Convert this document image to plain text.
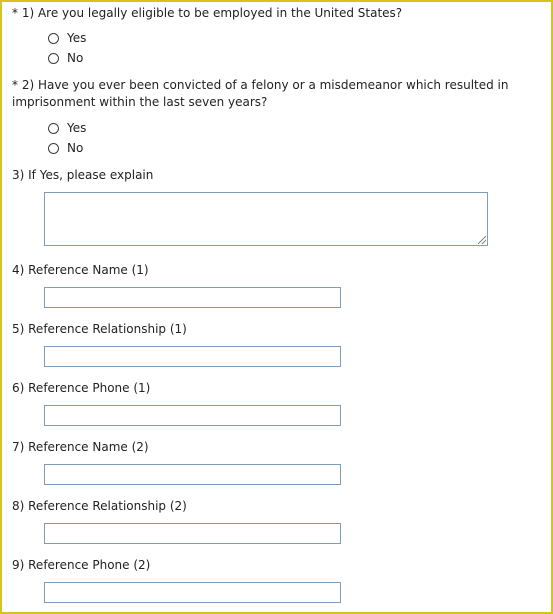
* 1) Are you legally eligible to be employed in the United States?
Yes
No
* 2) Have you ever been convicted of a felony or a misdemeanor which resulted in
imprisonment within the last seven years?
Yes
No
3) If Yes, please explain
4) Reference Name (1)
5) Reference Relationship (1)
6) Reference Phone (1)
7) Reference Name (2)
8) Reference Relationship (2)
9) Reference Phone (2)
